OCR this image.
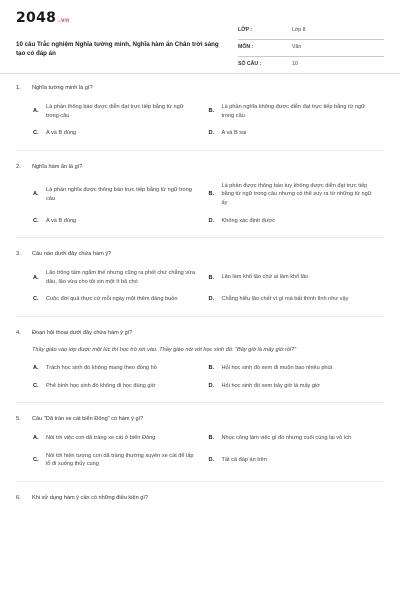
2048 .vn
10 câu Trắc nghiệm Nghĩa tường minh, Nghĩa hàm ẩn Chân trời sáng tạo có đáp án
LỚP :	Lớp 8
MÔN :	Văn
SỐ CÂU :	10
1. Nghĩa tường minh là gì?
A.
Là phần thông báo được diễn đạt trực tiếp bằng từ ngữ trong câu
B.
Là phần nghĩa không được diễn đạt trực tiếp bằng từ ngữ trong câu
C.	A và B đúng	D.	A và B sai
2. Nghĩa hàm ẩn là gì?
A.
Là phần nghĩa được thông báo trực tiếp bằng từ ngữ trong câu
B.
Là phần được thông báo tuy không được diễn đạt trực tiếp bằng từ ngữ trong câu nhưng có thể suy ra từ những từ ngữ ấy
C.	A và B đúng	D.	Không xác định được
3. Câu nào dưới đây chứa hàm ý?
A.
Lão trông tấm ngẩm thế nhưng cũng ra phết chứ chẳng vừa đâu, lão vừa cho tôi xin một ít bả chó
B.	Lão làm khổ lão chứ ai làm khổ lão
C.	Cuộc đời quả thực cứ mỗi ngày một thêm đáng buồn	D.	Chẳng hiểu lão chết vì gì mà bất thình lình như vậy
4. Đoạn hội thoại dưới đây chứa hàm ý gì?
Thầy giáo vào lớp được một lúc thì học trò xin vào. Thầy giáo nói với học sinh đó: "Bây giờ là mấy giờ rồi?"
A.	Trách học sinh đó không mang theo đồng hồ	B.	Hỏi học sinh đó xem đi muộn bao nhiêu phút
C.	Phê bình học sinh đó không đi học đúng giờ	D.	Hỏi học sinh đó xem bây giờ là mấy giờ
5. Câu "Dã tràn xe cát biển Đông" có hàm ý gì?
A.	Nói tới việc con dã tràng xe cát ở biển Đông	B.	Nhọc công làm việc gì đó nhưng cuối cùng lại vô ích
C.
Nói tới hiện tượng con dã tràng thường xuyên xe cát để lấp lỗ đi xuống thủy cung
D.	Tất cả đáp án trên
6. Khi sử dụng hàm ý cần có những điều kiện gì?
